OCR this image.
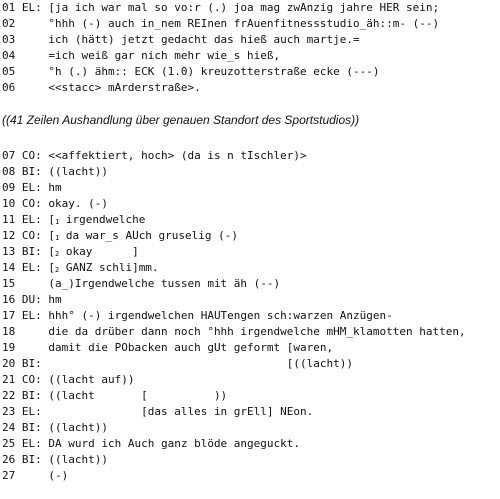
01 EL: [ja ich war mal so vo:r (.) joa mag zwAnzig jahre HER sein;
02     °hhh (-) auch in_nem REInen frAuenfitnessstudio_äh::m- (--)
03     ich (hätt) jetzt gedacht das hieß auch martje.=
04     =ich weiß gar nich mehr wie_s hieß,
05     °h (.) ähm:: ECK (1.0) kreuzotterstraße ecke (---)
06     <<stacc> mArderstraße>.
((41 Zeilen Aushandlung über genauen Standort des Sportstudios))
07 CO: <<affektiert, hoch> (da is n tIschler)>
08 BI: ((lacht))
09 EL: hm
10 CO: okay. (-)
11 EL: [$_1$ irgendwelche
12 CO: [$_1$ da war_s AUch gruselig (-)
13 BI: [$_2$ okay      ]
14 EL: [$_2$ GANZ schli]mm.
15     (a_)Irgendwelche tussen mit äh (--)
16 DU: hm
17 EL: hhh° (-) irgendwelchen HAUTengen sch:warzen Anzügen-
18     die da drüber dann noch °hhh irgendwelche mHM_klamotten hatten,
19     damit die PObacken auch gUt geformt [waren,
20 BI:                                     [((lacht))
21 CO: ((lacht auf))
22 BI: ((lacht       [          ))
23 EL:               [das alles in grEll] NEon.
24 BI: ((lacht))
25 EL: DA wurd ich Auch ganz blöde angeguckt.
26 BI: ((lacht))
27     (-)
